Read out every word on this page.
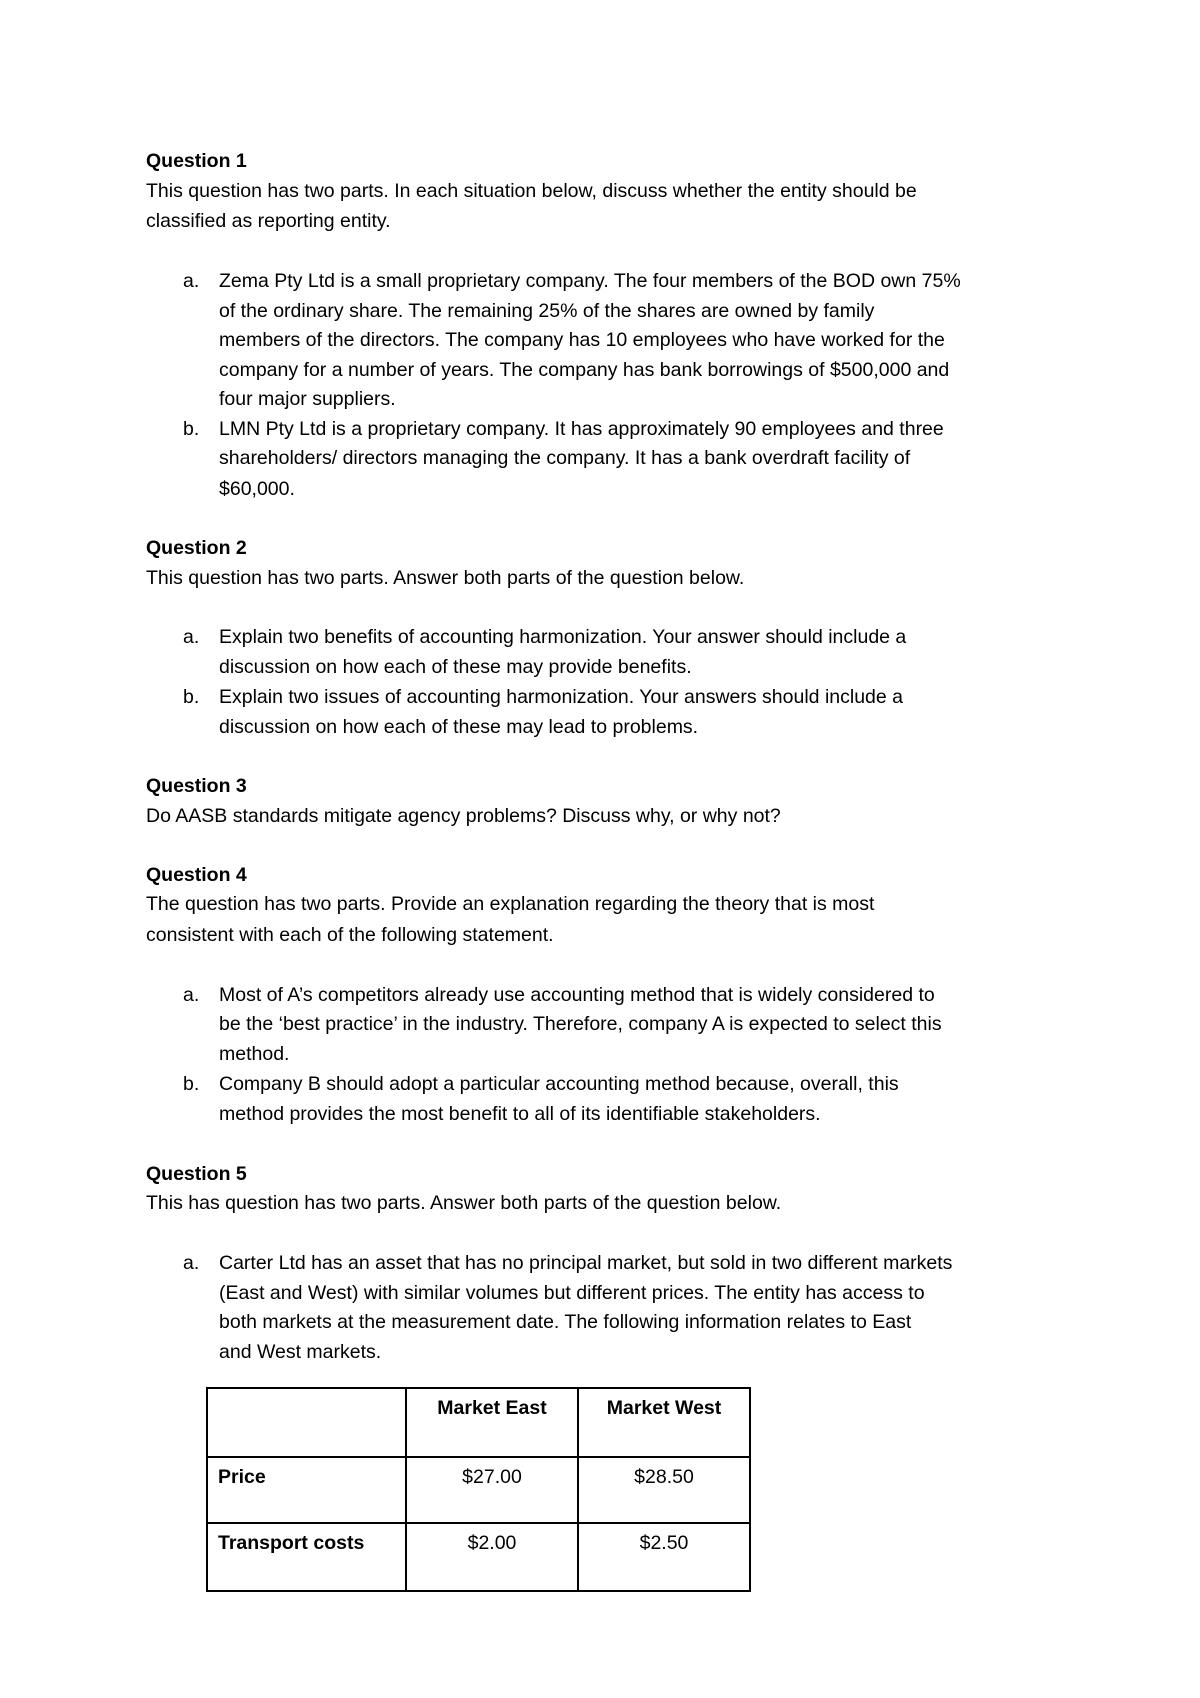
Question 1
This question has two parts. In each situation below, discuss whether the entity should be
classified as reporting entity.
a. Zema Pty Ltd is a small proprietary company. The four members of the BOD own 75%
of the ordinary share. The remaining 25% of the shares are owned by family
members of the directors. The company has 10 employees who have worked for the
company for a number of years. The company has bank borrowings of $500,000 and
four major suppliers.
b. LMN Pty Ltd is a proprietary company. It has approximately 90 employees and three
shareholders/ directors managing the company. It has a bank overdraft facility of
$60,000.
Question 2
This question has two parts. Answer both parts of the question below.
a. Explain two benefits of accounting harmonization. Your answer should include a
discussion on how each of these may provide benefits.
b. Explain two issues of accounting harmonization. Your answers should include a
discussion on how each of these may lead to problems.
Question 3
Do AASB standards mitigate agency problems? Discuss why, or why not?
Question 4
The question has two parts. Provide an explanation regarding the theory that is most
consistent with each of the following statement.
a. Most of A’s competitors already use accounting method that is widely considered to
be the ‘best practice’ in the industry. Therefore, company A is expected to select this
method.
b. Company B should adopt a particular accounting method because, overall, this
method provides the most benefit to all of its identifiable stakeholders.
Question 5
This has question has two parts. Answer both parts of the question below.
a. Carter Ltd has an asset that has no principal market, but sold in two different markets
(East and West) with similar volumes but different prices. The entity has access to
both markets at the measurement date. The following information relates to East
and West markets.
	Market East	Market West
Price	$27.00	$28.50
Transport costs	$2.00	$2.50
